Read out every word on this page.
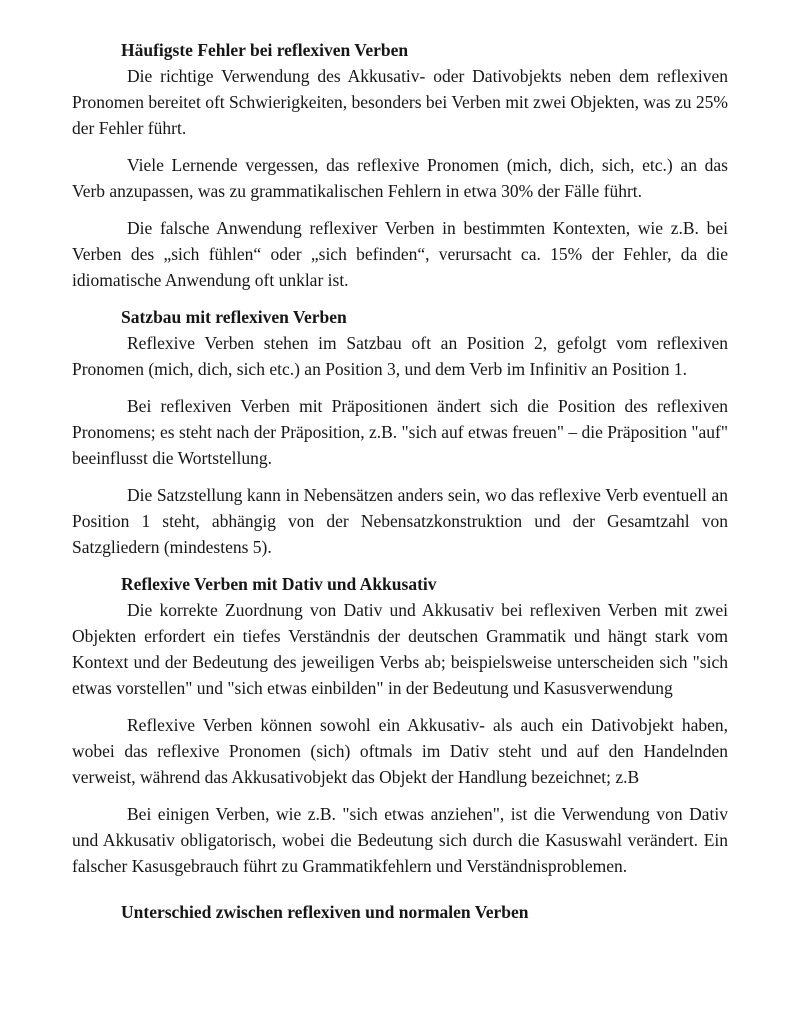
Häufigste Fehler bei reflexiven Verben

Die richtige Verwendung des Akkusativ- oder Dativobjekts neben dem reflexiven Pronomen bereitet oft Schwierigkeiten, besonders bei Verben mit zwei Objekten, was zu 25% der Fehler führt.

Viele Lernende vergessen, das reflexive Pronomen (mich, dich, sich, etc.) an das Verb anzupassen, was zu grammatikalischen Fehlern in etwa 30% der Fälle führt.

Die falsche Anwendung reflexiver Verben in bestimmten Kontexten, wie z.B. bei Verben des „sich fühlen“ oder „sich befinden“, verursacht ca. 15% der Fehler, da die idiomatische Anwendung oft unklar ist.

Satzbau mit reflexiven Verben

Reflexive Verben stehen im Satzbau oft an Position 2, gefolgt vom reflexiven Pronomen (mich, dich, sich etc.) an Position 3, und dem Verb im Infinitiv an Position 1.

Bei reflexiven Verben mit Präpositionen ändert sich die Position des reflexiven Pronomens; es steht nach der Präposition, z.B. "sich auf etwas freuen" – die Präposition "auf" beeinflusst die Wortstellung.

Die Satzstellung kann in Nebensätzen anders sein, wo das reflexive Verb eventuell an Position 1 steht, abhängig von der Nebensatzkonstruktion und der Gesamtzahl von Satzgliedern (mindestens 5).

Reflexive Verben mit Dativ und Akkusativ

Die korrekte Zuordnung von Dativ und Akkusativ bei reflexiven Verben mit zwei Objekten erfordert ein tiefes Verständnis der deutschen Grammatik und hängt stark vom Kontext und der Bedeutung des jeweiligen Verbs ab; beispielsweise unterscheiden sich "sich etwas vorstellen" und "sich etwas einbilden" in der Bedeutung und Kasusverwendung

Reflexive Verben können sowohl ein Akkusativ- als auch ein Dativobjekt haben, wobei das reflexive Pronomen (sich) oftmals im Dativ steht und auf den Handelnden verweist, während das Akkusativobjekt das Objekt der Handlung bezeichnet; z.B

Bei einigen Verben, wie z.B. "sich etwas anziehen", ist die Verwendung von Dativ und Akkusativ obligatorisch, wobei die Bedeutung sich durch die Kasuswahl verändert. Ein falscher Kasusgebrauch führt zu Grammatikfehlern und Verständnisproblemen.

Unterschied zwischen reflexiven und normalen Verben
